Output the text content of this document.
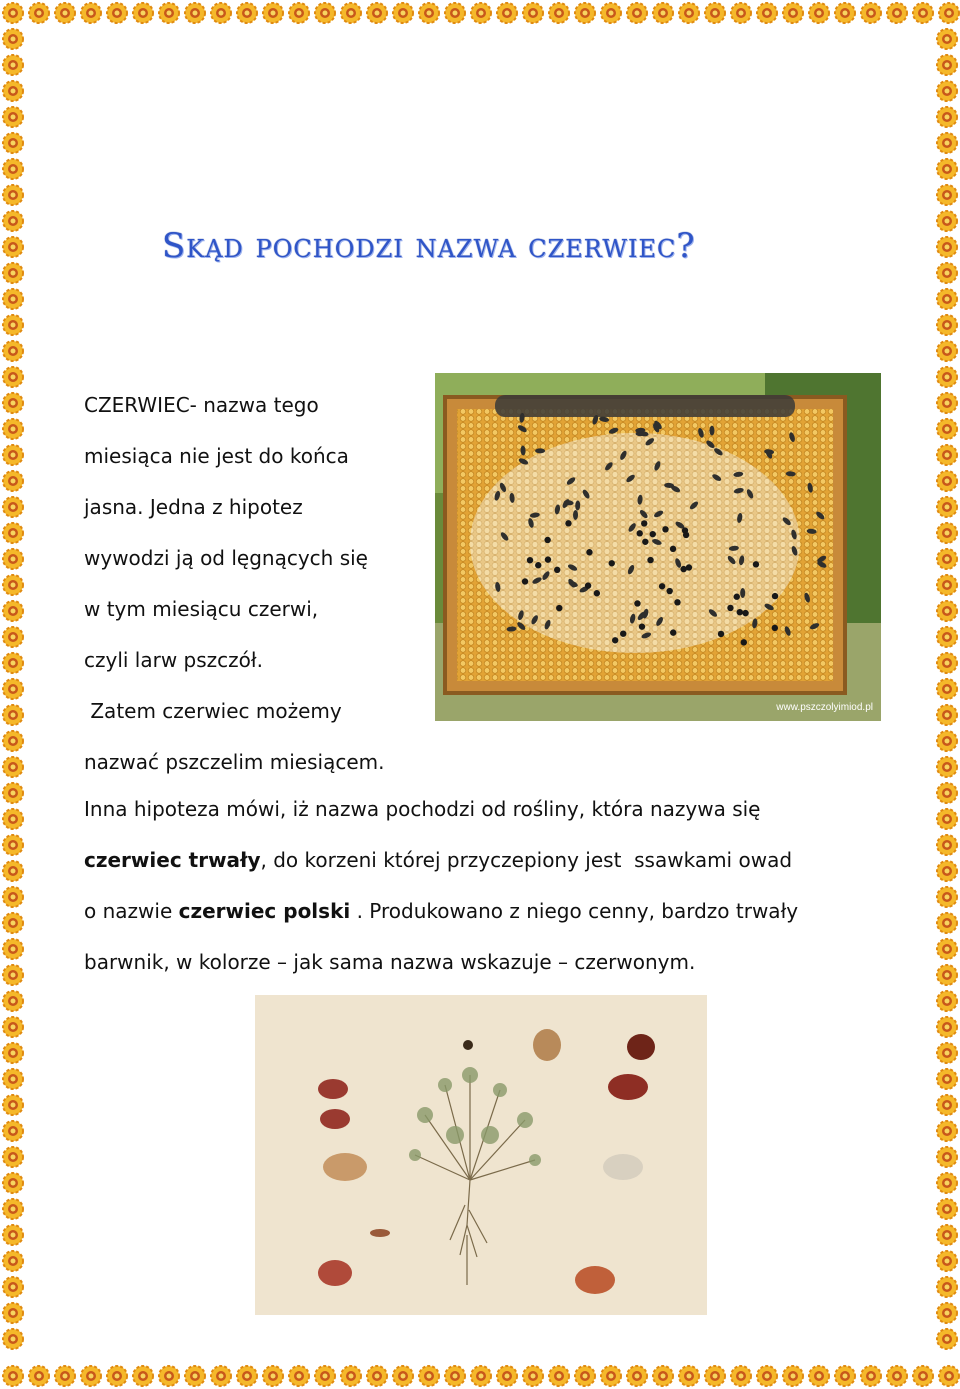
Skąd pochodzi nazwa czerwiec?
CZERWIEC- nazwa tego
miesiąca nie jest do końca
jasna. Jedna z hipotez
wywodzi ją od lęgnących się
w tym miesiącu czerwi,
czyli larw pszczół.
Zatem czerwiec możemy
nazwać pszczelim miesiącem.
www.pszczolyimiod.pl
Inna hipoteza mówi, iż nazwa pochodzi od rośliny, która nazywa się
czerwiec trwały, do korzeni której przyczepiony jest  ssawkami owad
o nazwie czerwiec polski . Produkowano z niego cenny, bardzo trwały
barwnik, w kolorze – jak sama nazwa wskazuje – czerwonym.
